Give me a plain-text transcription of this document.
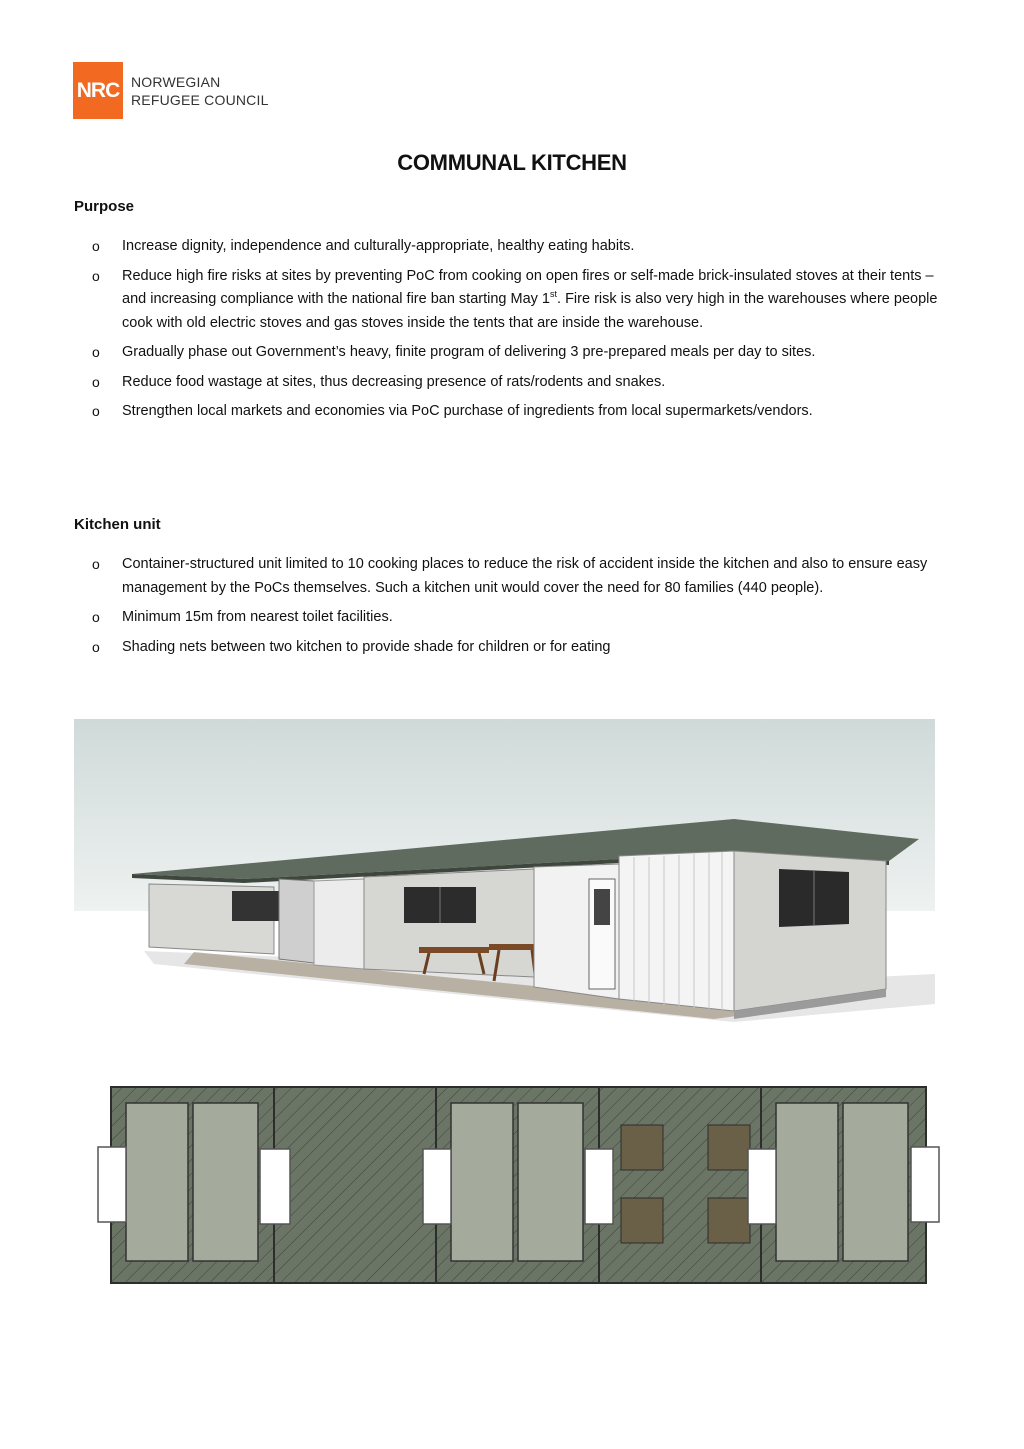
NRC NORWEGIAN
REFUGEE COUNCIL
COMMUNAL KITCHEN
Purpose
o Increase dignity, independence and culturally-appropriate, healthy eating habits.
o Reduce high fire risks at sites by preventing PoC from cooking on open fires or self-made brick-insulated stoves at their tents –and increasing compliance with the national fire ban starting May 1st. Fire risk is also very high in the warehouses where people cook with old electric stoves and gas stoves inside the tents that are inside the warehouse.
o Gradually phase out Government’s heavy, finite program of delivering 3 pre-prepared meals per day to sites.
o Reduce food wastage at sites, thus decreasing presence of rats/rodents and snakes.
o Strengthen local markets and economies via PoC purchase of ingredients from local supermarkets/vendors.
Kitchen unit
o Container-structured unit limited to 10 cooking places to reduce the risk of accident inside the kitchen and also to ensure easy management by the PoCs themselves. Such a kitchen unit would cover the need for 80 families (440 people).
o Minimum 15m from nearest toilet facilities.
o Shading nets between two kitchen to provide shade for children or for eating
